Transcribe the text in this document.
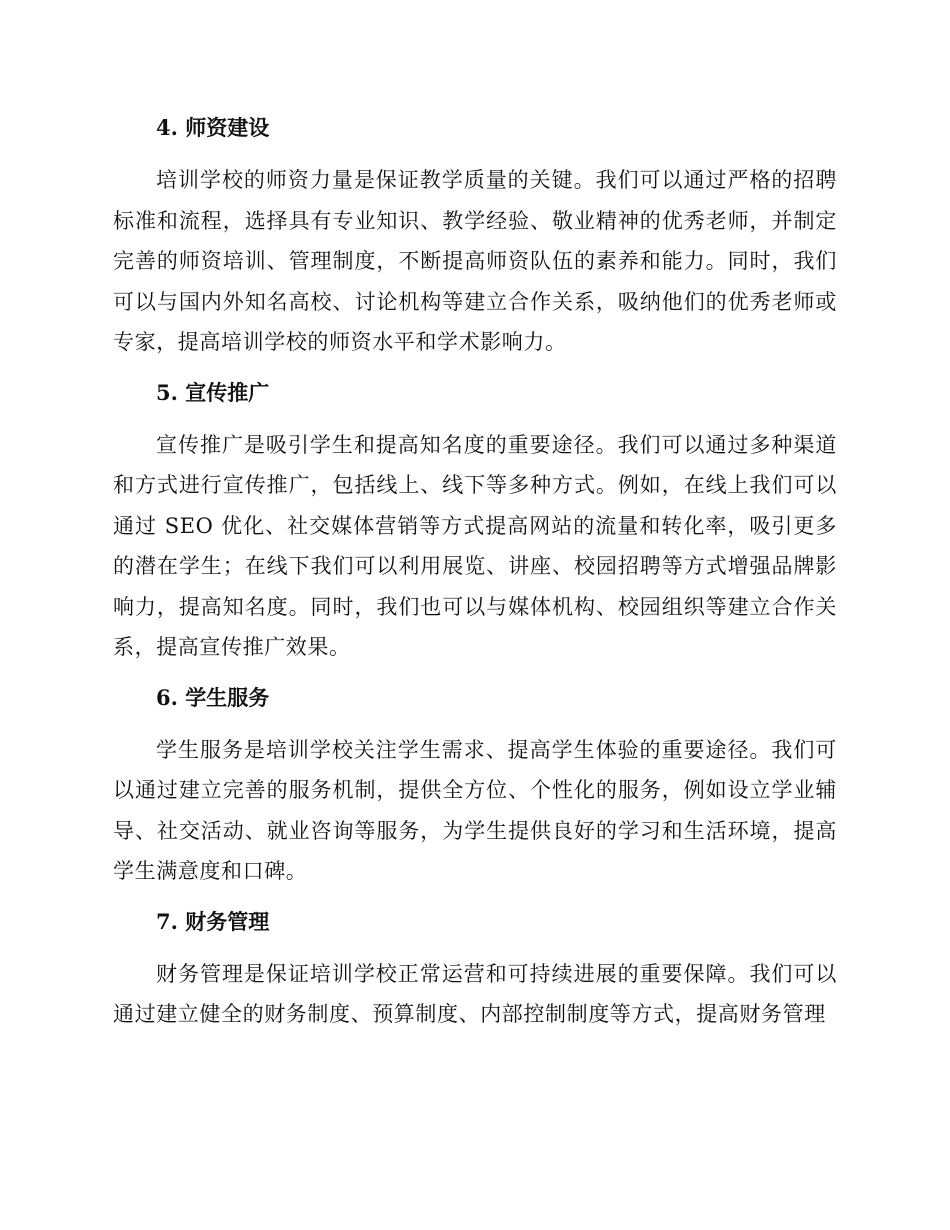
4. 师资建设

培训学校的师资力量是保证教学质量的关键。我们可以通过严格的招聘标准和流程，选择具有专业知识、教学经验、敬业精神的优秀老师，并制定完善的师资培训、管理制度，不断提高师资队伍的素养和能力。同时，我们可以与国内外知名高校、讨论机构等建立合作关系，吸纳他们的优秀老师或专家，提高培训学校的师资水平和学术影响力。

5. 宣传推广

宣传推广是吸引学生和提高知名度的重要途径。我们可以通过多种渠道和方式进行宣传推广，包括线上、线下等多种方式。例如，在线上我们可以通过 SEO 优化、社交媒体营销等方式提高网站的流量和转化率，吸引更多的潜在学生；在线下我们可以利用展览、讲座、校园招聘等方式增强品牌影响力，提高知名度。同时，我们也可以与媒体机构、校园组织等建立合作关系，提高宣传推广效果。

6. 学生服务

学生服务是培训学校关注学生需求、提高学生体验的重要途径。我们可以通过建立完善的服务机制，提供全方位、个性化的服务，例如设立学业辅导、社交活动、就业咨询等服务，为学生提供良好的学习和生活环境，提高学生满意度和口碑。

7. 财务管理

财务管理是保证培训学校正常运营和可持续进展的重要保障。我们可以通过建立健全的财务制度、预算制度、内部控制制度等方式，提高财务管理
